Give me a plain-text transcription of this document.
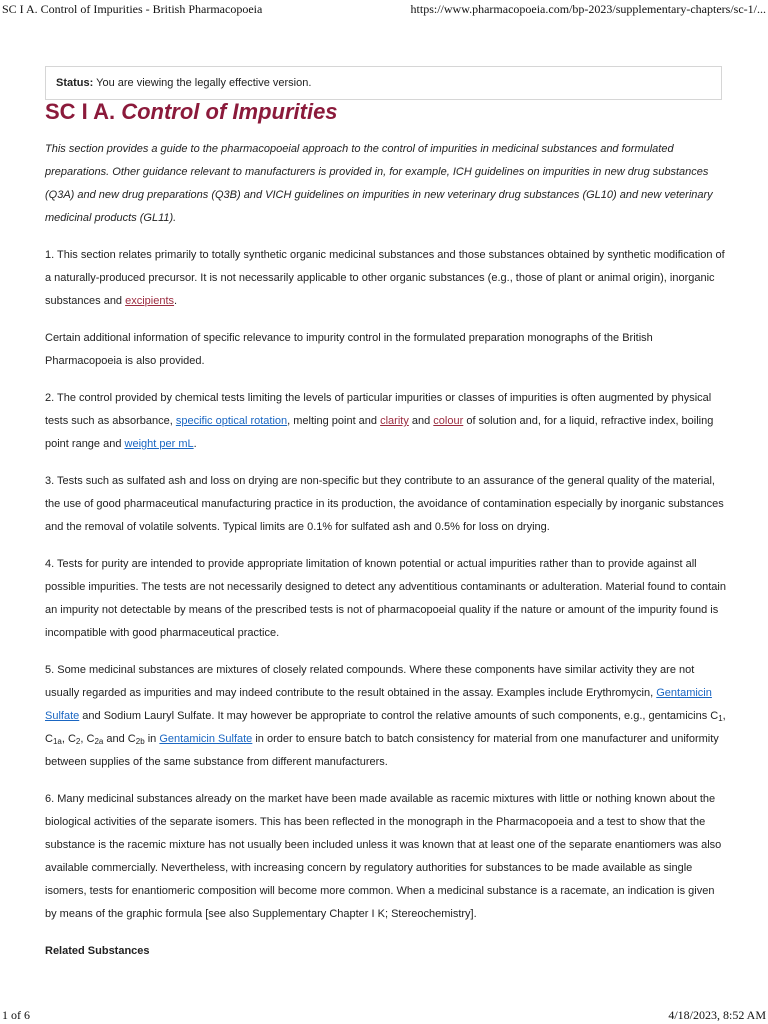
SC I A. Control of Impurities - British Pharmacopoeia	https://www.pharmacopoeia.com/bp-2023/supplementary-chapters/sc-1/...
Status: You are viewing the legally effective version.
SC I A. Control of Impurities

This section provides a guide to the pharmacopoeial approach to the control of impurities in medicinal substances and formulated preparations. Other guidance relevant to manufacturers is provided in, for example, ICH guidelines on impurities in new drug substances (Q3A) and new drug preparations (Q3B) and VICH guidelines on impurities in new veterinary drug substances (GL10) and new veterinary medicinal products (GL11).

1. This section relates primarily to totally synthetic organic medicinal substances and those substances obtained by synthetic modification of a naturally-produced precursor. It is not necessarily applicable to other organic substances (e.g., those of plant or animal origin), inorganic substances and excipients.

Certain additional information of specific relevance to impurity control in the formulated preparation monographs of the British Pharmacopoeia is also provided.

2. The control provided by chemical tests limiting the levels of particular impurities or classes of impurities is often augmented by physical tests such as absorbance, specific optical rotation, melting point and clarity and colour of solution and, for a liquid, refractive index, boiling point range and weight per mL.

3. Tests such as sulfated ash and loss on drying are non-specific but they contribute to an assurance of the general quality of the material, the use of good pharmaceutical manufacturing practice in its production, the avoidance of contamination especially by inorganic substances and the removal of volatile solvents. Typical limits are 0.1% for sulfated ash and 0.5% for loss on drying.

4. Tests for purity are intended to provide appropriate limitation of known potential or actual impurities rather than to provide against all possible impurities. The tests are not necessarily designed to detect any adventitious contaminants or adulteration. Material found to contain an impurity not detectable by means of the prescribed tests is not of pharmacopoeial quality if the nature or amount of the impurity found is incompatible with good pharmaceutical practice.

5. Some medicinal substances are mixtures of closely related compounds. Where these components have similar activity they are not usually regarded as impurities and may indeed contribute to the result obtained in the assay. Examples include Erythromycin, Gentamicin Sulfate and Sodium Lauryl Sulfate. It may however be appropriate to control the relative amounts of such components, e.g., gentamicins $C_1$, $C_{1a}$, $C_2$, $C_{2a}$ and $C_{2b}$ in Gentamicin Sulfate in order to ensure batch to batch consistency for material from one manufacturer and uniformity between supplies of the same substance from different manufacturers.

6. Many medicinal substances already on the market have been made available as racemic mixtures with little or nothing known about the biological activities of the separate isomers. This has been reflected in the monograph in the Pharmacopoeia and a test to show that the substance is the racemic mixture has not usually been included unless it was known that at least one of the separate enantiomers was also available commercially. Nevertheless, with increasing concern by regulatory authorities for substances to be made available as single isomers, tests for enantiomeric composition will become more common. When a medicinal substance is a racemate, an indication is given by means of the graphic formula [see also Supplementary Chapter I K; Stereochemistry].

Related Substances

1 of 6	4/18/2023, 8:52 AM
